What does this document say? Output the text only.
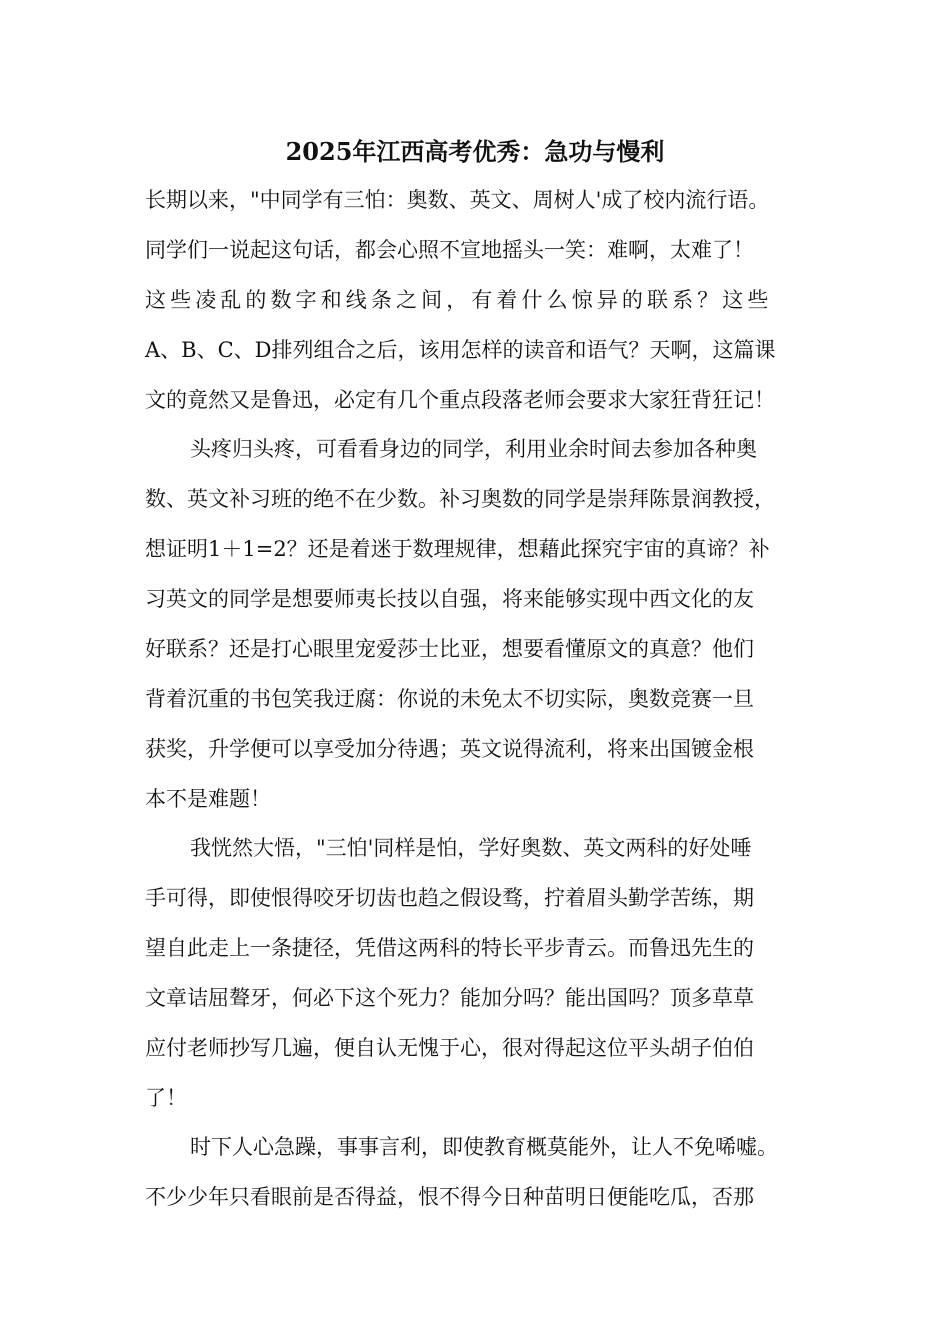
2025年江西高考优秀：急功与慢利
长期以来，"中同学有三怕：奥数、英文、周树人'成了校内流行语。
同学们一说起这句话，都会心照不宣地摇头一笑：难啊，太难了！
这些凌乱的数字和线条之间，有着什么惊异的联系？这些
A、B、C、D排列组合之后，该用怎样的读音和语气？天啊，这篇课
文的竟然又是鲁迅，必定有几个重点段落老师会要求大家狂背狂记！
头疼归头疼，可看看身边的同学，利用业余时间去参加各种奥
数、英文补习班的绝不在少数。补习奥数的同学是崇拜陈景润教授，
想证明1＋1=2？还是着迷于数理规律，想藉此探究宇宙的真谛？补
习英文的同学是想要师夷长技以自强，将来能够实现中西文化的友
好联系？还是打心眼里宠爱莎士比亚，想要看懂原文的真意？他们
背着沉重的书包笑我迂腐：你说的未免太不切实际，奥数竞赛一旦
获奖，升学便可以享受加分待遇；英文说得流利，将来出国镀金根
本不是难题！
我恍然大悟，"三怕'同样是怕，学好奥数、英文两科的好处唾
手可得，即使恨得咬牙切齿也趋之假设骛，拧着眉头勤学苦练，期
望自此走上一条捷径，凭借这两科的特长平步青云。而鲁迅先生的
文章诘屈聱牙，何必下这个死力？能加分吗？能出国吗？顶多草草
应付老师抄写几遍，便自认无愧于心，很对得起这位平头胡子伯伯
了！
时下人心急躁，事事言利，即使教育概莫能外，让人不免唏嘘。
不少少年只看眼前是否得益，恨不得今日种苗明日便能吃瓜，否那
